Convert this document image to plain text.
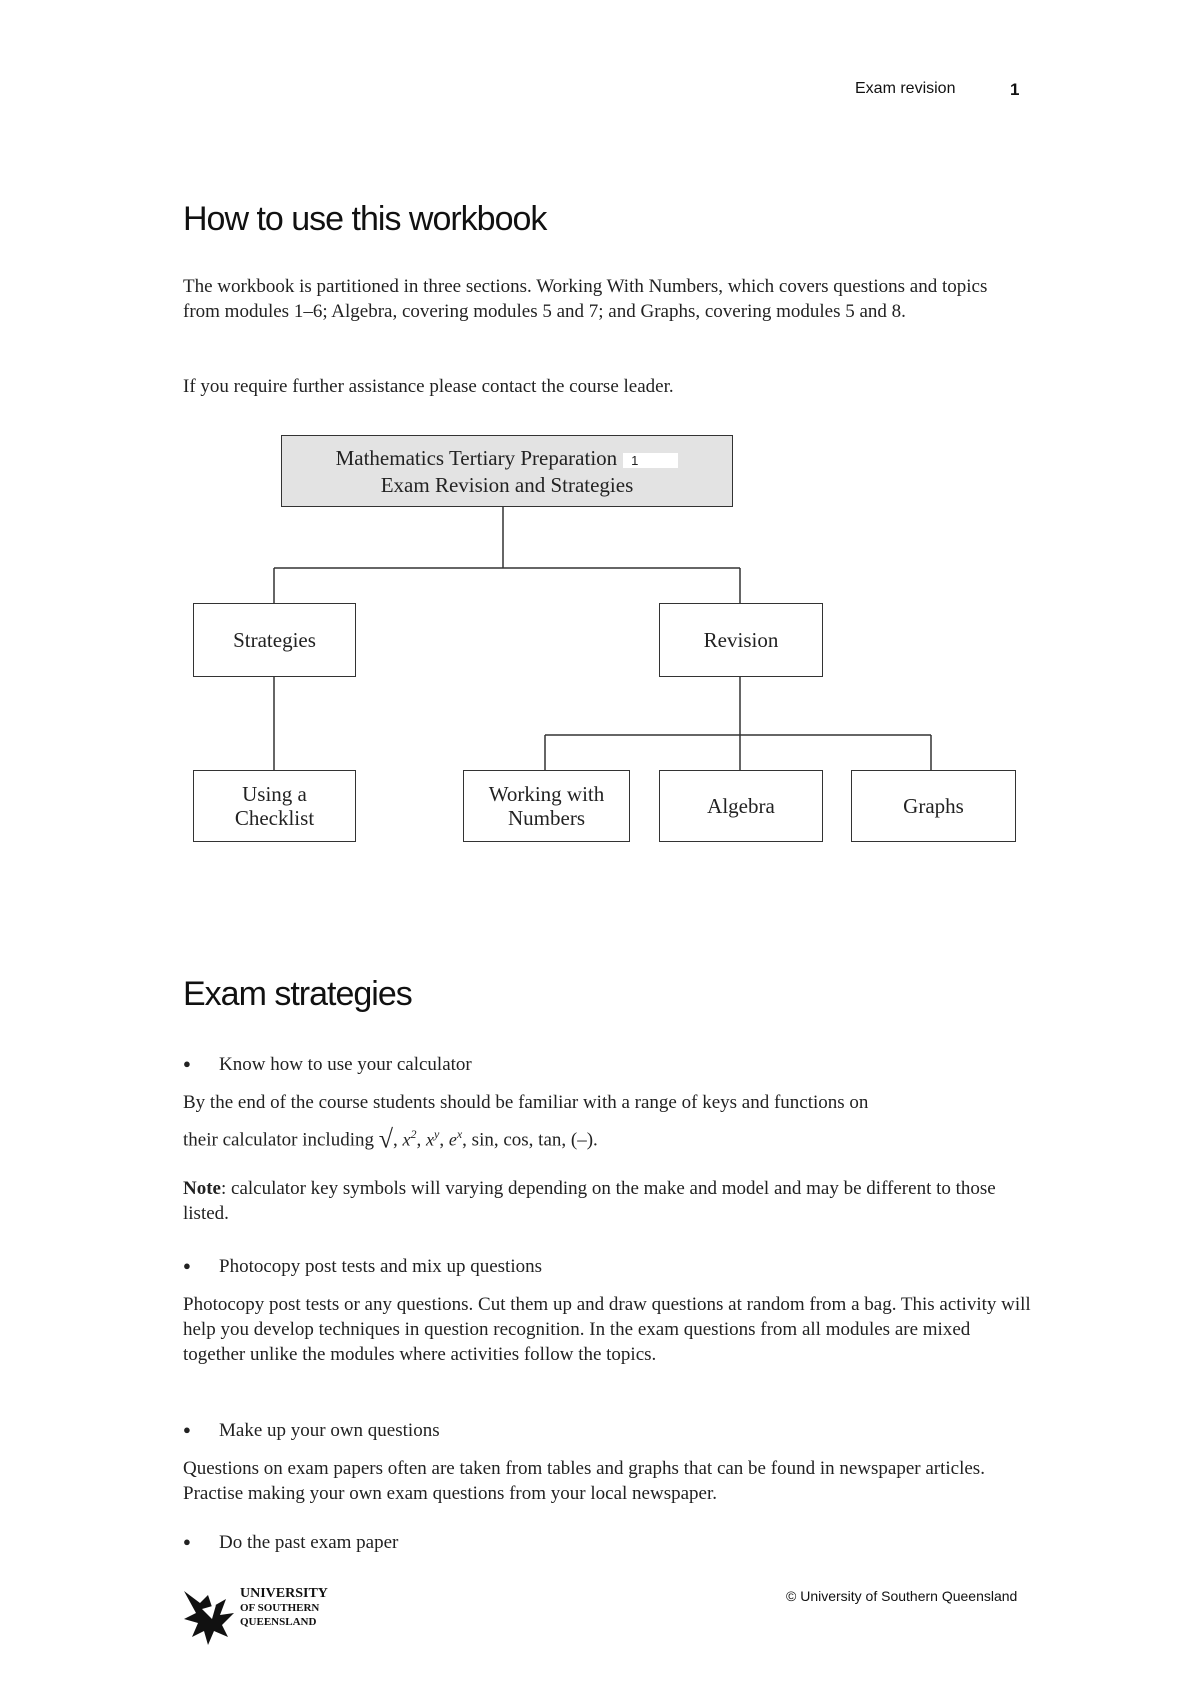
Exam revision	1
How to use this workbook

The workbook is partitioned in three sections. Working With Numbers, which covers questions and topics from modules 1–6; Algebra, covering modules 5 and 7; and Graphs, covering modules 5 and 8.

If you require further assistance please contact the course leader.

Mathematics Tertiary Preparation 1
Exam Revision and Strategies
Strategies	Revision
Using a
Checklist
Working with
Numbers	Algebra	Graphs
Exam strategies
● Know how to use your calculator

By the end of the course students should be familiar with a range of keys and functions on

their calculator including √, $x^2$, $x^y$, $e^x$, sin, cos, tan, (–).

Note: calculator key symbols will varying depending on the make and model and may be different to those listed.

● Photocopy post tests and mix up questions

Photocopy post tests or any questions. Cut them up and draw questions at random from a bag. This activity will help you develop techniques in question recognition. In the exam questions from all modules are mixed together unlike the modules where activities follow the topics.

● Make up your own questions

Questions on exam papers often are taken from tables and graphs that can be found in newspaper articles. Practise making your own exam questions from your local newspaper.

● Do the past exam paper
UNIVERSITY
OF SOUTHERN
QUEENSLAND
© University of Southern Queensland
